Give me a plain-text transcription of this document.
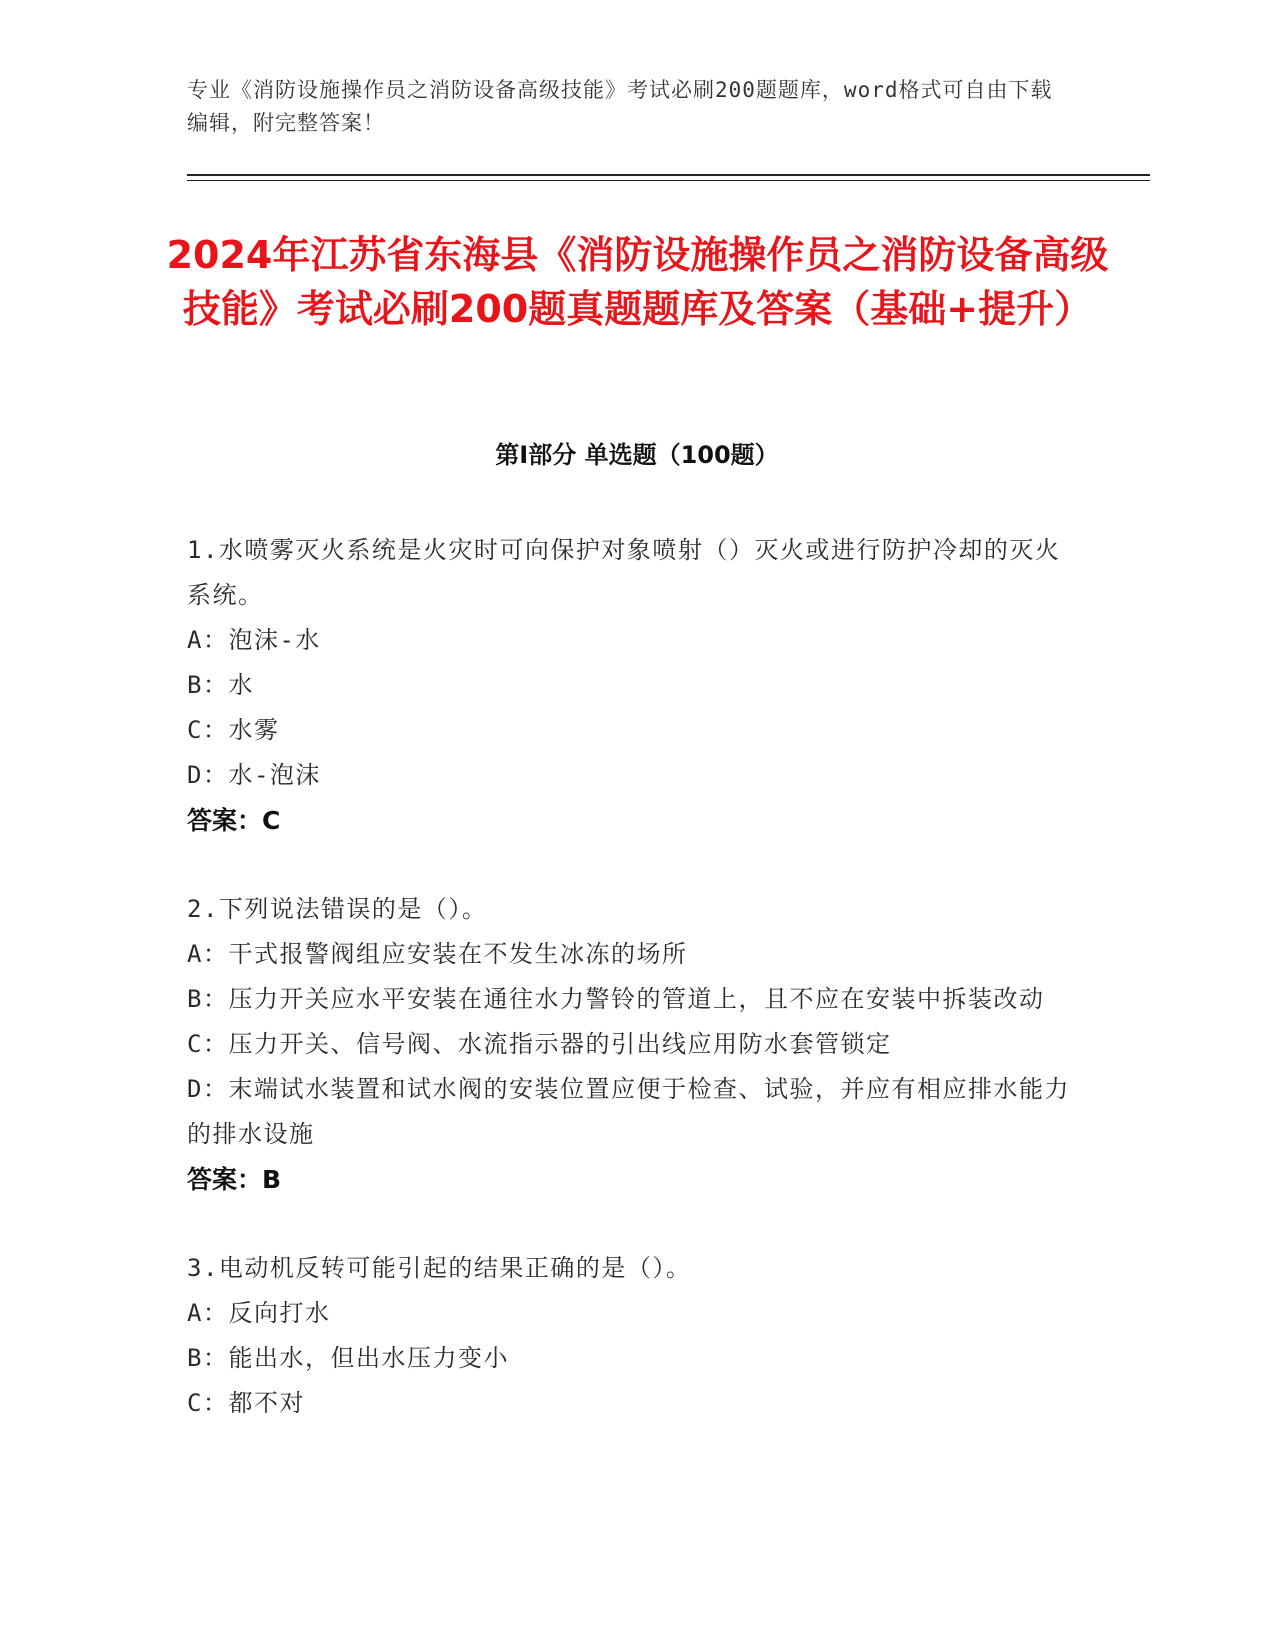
专业《消防设施操作员之消防设备高级技能》考试必刷200题题库，word格式可自由下载编辑，附完整答案！
2024年江苏省东海县《消防设施操作员之消防设备高级技能》考试必刷200题真题题库及答案（基础+提升）
第I部分 单选题（100题）

1.水喷雾灭火系统是火灾时可向保护对象喷射（）灭火或进行防护冷却的灭火系统。

A：泡沫-水

B：水

C：水雾

D：水-泡沫

答案：C

2.下列说法错误的是（）。

A：干式报警阀组应安装在不发生冰冻的场所

B：压力开关应水平安装在通往水力警铃的管道上，且不应在安装中拆装改动

C：压力开关、信号阀、水流指示器的引出线应用防水套管锁定

D：末端试水装置和试水阀的安装位置应便于检查、试验，并应有相应排水能力的排水设施

答案：B

3.电动机反转可能引起的结果正确的是（）。

A：反向打水

B：能出水，但出水压力变小

C：都不对
